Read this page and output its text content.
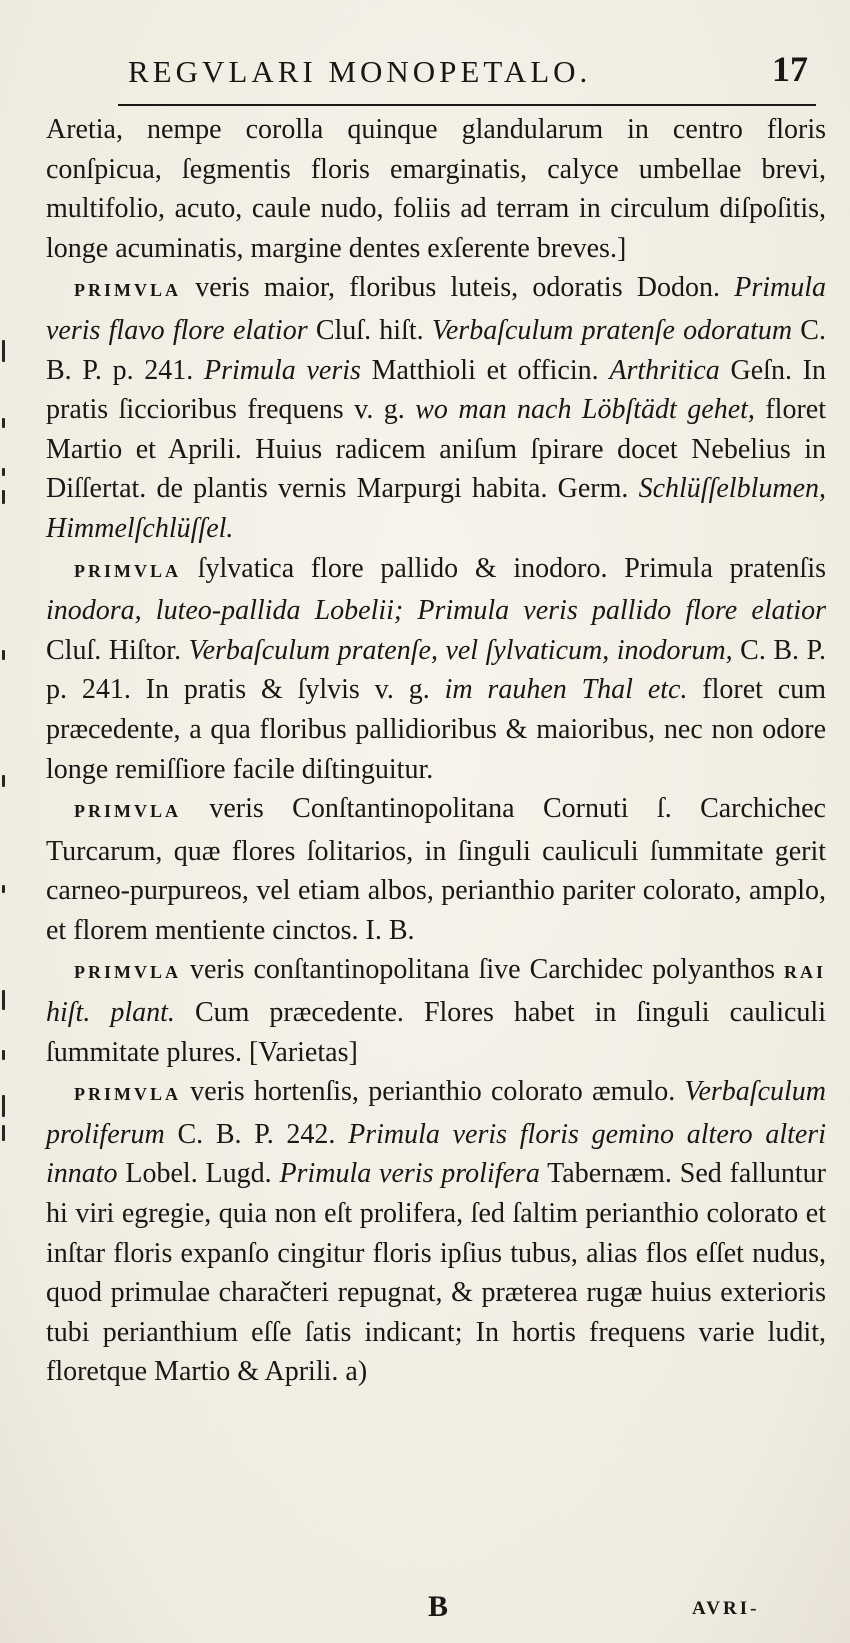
REGVLARI MONOPETALO.	17

Aretia, nempe corolla quinque glandularum in centro floris conſpicua, ſegmentis floris emarginatis, calyce umbellae brevi, multifolio, acuto, caule nudo, foliis ad terram in circulum diſpoſitis, longe acuminatis, margine dentes exſerente breves.]

PRIMVLA veris maior, floribus luteis, odoratis Dodon. Primula veris flavo flore elatior Cluſ. hiſt. Verbaſculum pratenſe odoratum C. B. P. p. 241. Primula veris Matthioli et officin. Arthritica Geſn. In pratis ſiccioribus frequens v. g. wo man nach Löbſtädt gehet, floret Martio et Aprili. Huius radicem aniſum ſpirare docet Nebelius in Diſſertat. de plantis vernis Marpurgi habita. Germ. Schlüſſelblumen, Himmelſchlüſſel.

PRIMVLA ſylvatica flore pallido & inodoro. Primula pratenſis inodora, luteo-pallida Lobelii; Primula veris pallido flore elatior Cluſ. Hiſtor. Verbaſculum pratenſe, vel ſylvaticum, inodorum, C. B. P. p. 241. In pratis & ſylvis v. g. im rauhen Thal etc. floret cum præcedente, a qua floribus pallidioribus & maioribus, nec non odore longe remiſſiore facile diſtinguitur.

PRIMVLA veris Conſtantinopolitana Cornuti ſ. Carchichec Turcarum, quæ flores ſolitarios, in ſinguli cauliculi ſummitate gerit carneo-purpureos, vel etiam albos, perianthio pariter colorato, amplo, et florem mentiente cinctos. I. B.

PRIMVLA veris conſtantinopolitana ſive Carchidec polyanthos RAI hiſt. plant. Cum præcedente. Flores habet in ſinguli cauliculi ſummitate plures. [Varietas]

PRIMVLA veris hortenſis, perianthio colorato æmulo. Verbaſculum proliferum C. B. P. 242. Primula veris floris gemino altero alteri innato Lobel. Lugd. Primula veris prolifera Tabernæm. Sed falluntur hi viri egregie, quia non eſt prolifera, ſed ſaltim perianthio colorato et inſtar floris expanſo cingitur floris ipſius tubus, alias flos eſſet nudus, quod primulae charačteri repugnat, & præterea rugæ huius exterioris tubi perianthium eſſe ſatis indicant; In hortis frequens varie ludit, floretque Martio & Aprili. a)

B	AVRI-
